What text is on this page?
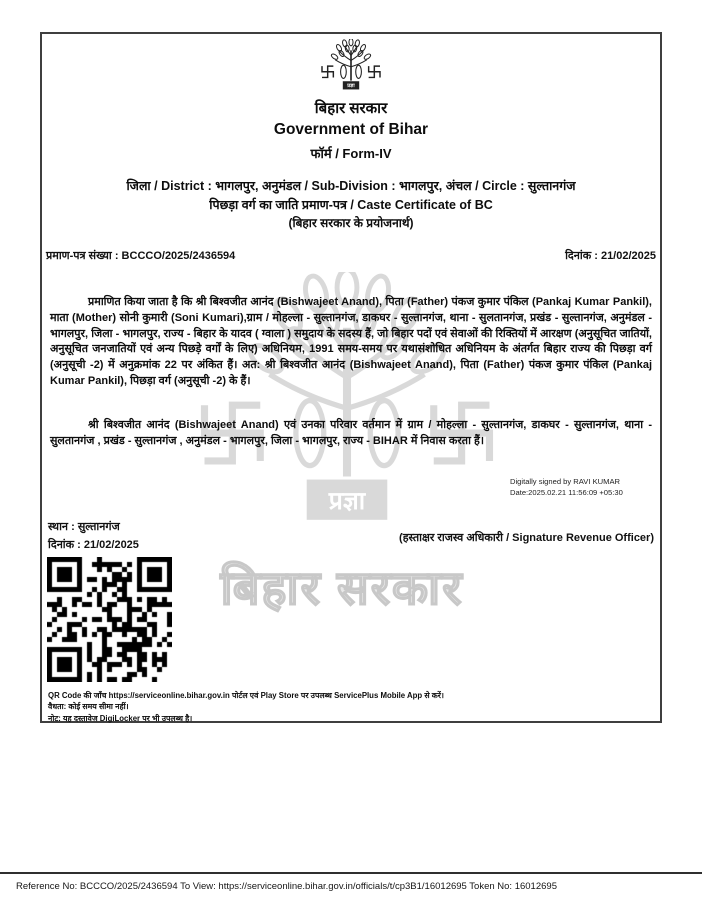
बिहार सरकार
बिहार सरकार
Government of Bihar
फॉर्म / Form-IV
जिला / District : भागलपुर, अनुमंडल / Sub-Division : भागलपुर, अंचल / Circle : सुल्तानगंज
पिछड़ा वर्ग का जाति प्रमाण-पत्र / Caste Certificate of BC
(बिहार सरकार के प्रयोजनार्थ)
प्रमाण-पत्र संख्या : BCCCO/2025/2436594	दिनांक : 21/02/2025
प्रमाणित किया जाता है कि श्री बिश्वजीत आनंद (Bishwajeet Anand), पिता (Father) पंकज कुमार पंकिल (Pankaj Kumar Pankil), माता (Mother) सोनी कुमारी (Soni Kumari),ग्राम / मोहल्ला - सुल्तानगंज, डाकघर - सुल्तानगंज, थाना - सुलतानगंज, प्रखंड - सुल्तानगंज, अनुमंडल - भागलपुर, जिला - भागलपुर, राज्य - बिहार के यादव ( ग्वाला ) समुदाय के सदस्य हैं, जो बिहार पदों एवं सेवाओं की रिक्तियों में आरक्षण (अनुसूचित जातियों, अनुसूचित जनजातियों एवं अन्य पिछड़े वर्गों के लिए) अधिनियम, 1991 समय-समय पर यथासंशोधित अधिनियम के अंतर्गत बिहार राज्य की पिछड़ा वर्ग (अनुसूची -2) में अनुक्रमांक 22 पर अंकित हैं। अत: श्री बिश्वजीत आनंद (Bishwajeet Anand), पिता (Father) पंकज कुमार पंकिल (Pankaj Kumar Pankil), पिछड़ा वर्ग (अनुसूची -2) के हैं।
श्री बिश्वजीत आनंद (Bishwajeet Anand) एवं उनका परिवार वर्तमान में ग्राम / मोहल्ला - सुल्तानगंज, डाकघर - सुल्तानगंज, थाना - सुलतानगंज , प्रखंड - सुल्तानगंज , अनुमंडल - भागलपुर, जिला - भागलपुर, राज्य - BIHAR में निवास करता हैं।
Digitally signed by RAVI KUMAR
Date:2025.02.21 11:56:09 +05:30
स्थान : सुल्तानगंज
दिनांक : 21/02/2025
(हस्ताक्षर राजस्व अधिकारी / Signature Revenue Officer)
QR Code की जाँच https://serviceonline.bihar.gov.in पोर्टल एवं Play Store पर उपलब्ध ServicePlus Mobile App से करें।
वैधता: कोई समय सीमा नहीं।
नोट: यह दस्तावेज DigiLocker पर भी उपलब्ध है।
Reference No: BCCCO/2025/2436594 To View: https://serviceonline.bihar.gov.in/officials/t/cp3B1/16012695 Token No: 16012695
